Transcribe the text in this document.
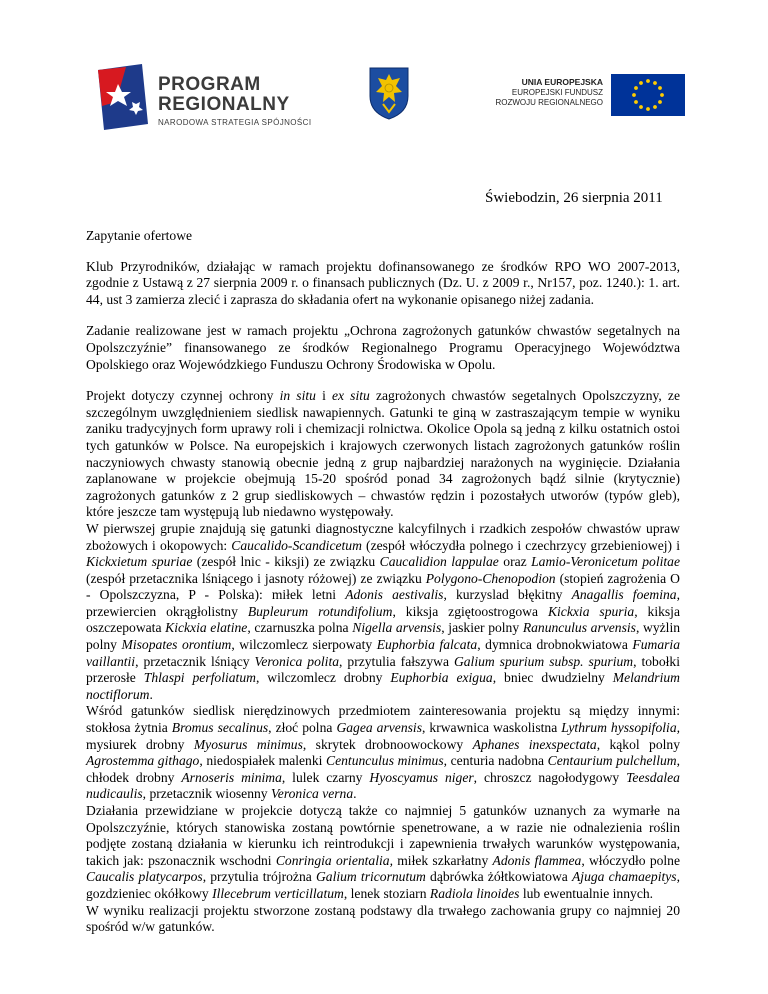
PROGRAM
REGIONALNY
NARODOWA STRATEGIA SPÓJNOŚCI
UNIA EUROPEJSKA
EUROPEJSKI FUNDUSZ
ROZWOJU REGIONALNEGO
Świebodzin, 26 sierpnia 2011

Zapytanie ofertowe

Klub Przyrodników, działając w ramach projektu dofinansowanego ze środków RPO WO 2007-2013, zgodnie z Ustawą z 27 sierpnia 2009 r. o finansach publicznych (Dz. U. z 2009 r., Nr157, poz. 1240.): 1. art. 44, ust 3 zamierza zlecić i zaprasza do składania ofert na wykonanie opisanego niżej zadania.

Zadanie realizowane jest w ramach projektu „Ochrona zagrożonych gatunków chwastów segetalnych na Opolszczyźnie” finansowanego ze środków Regionalnego Programu Operacyjnego Województwa Opolskiego oraz Wojewódzkiego Funduszu Ochrony Środowiska w Opolu.

Projekt dotyczy czynnej ochrony in situ i ex situ zagrożonych chwastów segetalnych Opolszczyzny, ze szczególnym uwzględnieniem siedlisk nawapiennych. Gatunki te giną w zastraszającym tempie w wyniku zaniku tradycyjnych form uprawy roli i chemizacji rolnictwa. Okolice Opola są jedną z kilku ostatnich ostoi tych gatunków w Polsce. Na europejskich i krajowych czerwonych listach zagrożonych gatunków roślin naczyniowych chwasty stanowią obecnie jedną z grup najbardziej narażonych na wyginięcie. Działania zaplanowane w projekcie obejmują 15-20 spośród ponad 34 zagrożonych bądź silnie (krytycznie) zagrożonych gatunków z 2 grup siedliskowych – chwastów rędzin i pozostałych utworów (typów gleb), które jeszcze tam występują lub niedawno występowały.

W pierwszej grupie znajdują się gatunki diagnostyczne kalcyfilnych i rzadkich zespołów chwastów upraw zbożowych i okopowych: Caucalido-Scandicetum (zespół włóczydła polnego i czechrzycy grzebieniowej) i Kickxietum spuriae (zespół lnic - kiksji) ze związku Caucalidion lappulae oraz Lamio-Veronicetum politae (zespół przetacznika lśniącego i jasnoty różowej) ze związku Polygono-Chenopodion (stopień zagrożenia O - Opolszczyzna, P - Polska): miłek letni Adonis aestivalis, kurzyslad błękitny Anagallis foemina, przewiercien okrągłolistny Bupleurum rotundifolium, kiksja zgiętoostrogowa Kickxia spuria, kiksja oszczepowata Kickxia elatine, czarnuszka polna Nigella arvensis, jaskier polny Ranunculus arvensis, wyżlin polny Misopates orontium, wilczomlecz sierpowaty Euphorbia falcata, dymnica drobnokwiatowa Fumaria vaillantii, przetacznik lśniący Veronica polita, przytulia fałszywa Galium spurium subsp. spurium, tobołki przerosłe Thlaspi perfoliatum, wilczomlecz drobny Euphorbia exigua, bniec dwudzielny Melandrium noctiflorum.

Wśród gatunków siedlisk nierędzinowych przedmiotem zainteresowania projektu są między innymi: stokłosa żytnia Bromus secalinus, złoć polna Gagea arvensis, krwawnica waskolistna Lythrum hyssopifolia, mysiurek drobny Myosurus minimus, skrytek drobnoowockowy Aphanes inexspectata, kąkol polny Agrostemma githago, niedospiałek malenki Centunculus minimus, centuria nadobna Centaurium pulchellum, chłodek drobny Arnoseris minima, lulek czarny Hyoscyamus niger, chroszcz nagołodygowy Teesdalea nudicaulis, przetacznik wiosenny Veronica verna.

Działania przewidziane w projekcie dotyczą także co najmniej 5 gatunków uznanych za wymarłe na Opolszczyźnie, których stanowiska zostaną powtórnie spenetrowane, a w razie nie odnalezienia roślin podjęte zostaną działania w kierunku ich reintrodukcji i zapewnienia trwałych warunków występowania, takich jak: pszonacznik wschodni Conringia orientalia, miłek szkarłatny Adonis flammea, włóczydło polne Caucalis platycarpos, przytulia trójrożna Galium tricornutum dąbrówka żółtkowiatowa Ajuga chamaepitys, gozdzieniec okółkowy Illecebrum verticillatum, lenek stoziarn Radiola linoides lub ewentualnie innych.

W wyniku realizacji projektu stworzone zostaną podstawy dla trwałego zachowania grupy co najmniej 20 spośród w/w gatunków.
